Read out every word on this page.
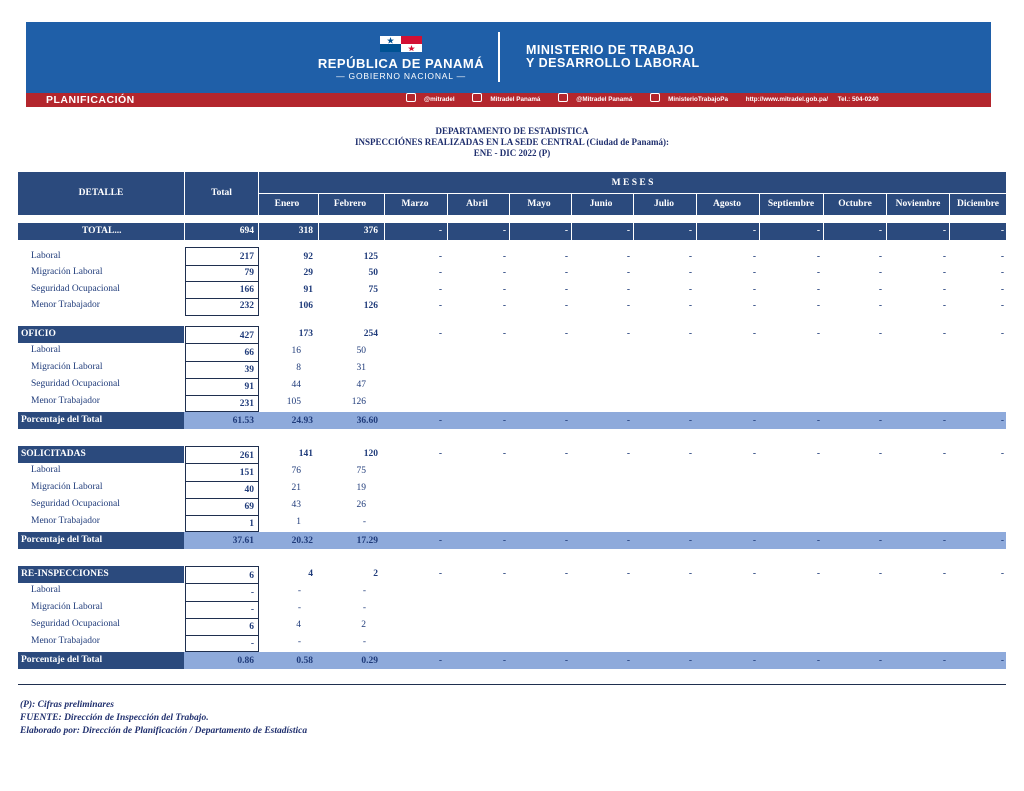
REPÚBLICA DE PANAMÁ
— GOBIERNO NACIONAL —
MINISTERIO DE TRABAJO
Y DESARROLLO LABORAL
PLANIFICACIÓN	@mitradel	Mitradel Panamá	@Mitradel Panamá	MinisterioTrabajoPa	http://www.mitradel.gob.pa/ Tel.: 504-0240
DEPARTAMENTO DE ESTADISTICA
INSPECCIÓNES REALIZADAS EN LA SEDE CENTRAL (Ciudad de Panamá):
ENE - DIC 2022 (P)
DETALLE	Total
M E S E S
Enero	Febrero	Marzo	Abril	Mayo	Junio	Julio	Agosto	Septiembre	Octubre	Noviembre	Diciembre
TOTAL...	694	318	376	-	-	-	-	-	-	-	-	-	-
Laboral	217	92	125	-	-	-	-	-	-	-	-	-	-
Migración Laboral	79	29	50	-	-	-	-	-	-	-	-	-	-
Seguridad Ocupacional	166	91	75	-	-	-	-	-	-	-	-	-	-
Menor Trabajador	232	106	126	-	-	-	-	-	-	-	-	-	-
OFICIO	427	173	254	-	-	-	-	-	-	-	-	-	-
Laboral	66	16	50
Migración Laboral	39	8	31
Seguridad Ocupacional	91	44	47
Menor Trabajador	231	105	126
Porcentaje del Total	61.53	24.93	36.60	-	-	-	-	-	-	-	-	-	-
SOLICITADAS	261	141	120	-	-	-	-	-	-	-	-	-	-
Laboral	151	76	75
Migración Laboral	40	21	19
Seguridad Ocupacional	69	43	26
Menor Trabajador	1	1	-
Porcentaje del Total	37.61	20.32	17.29	-	-	-	-	-	-	-	-	-	-
RE-INSPECCIONES	6	4	2	-	-	-	-	-	-	-	-	-	-
Laboral	-	-	-
Migración Laboral	-	-	-
Seguridad Ocupacional	6	4	2
Menor Trabajador	-	-	-
Porcentaje del Total	0.86	0.58	0.29	-	-	-	-	-	-	-	-	-	-
(P): Cifras preliminares
FUENTE: Dirección de Inspección del Trabajo.
Elaborado por: Dirección de Planificación / Departamento de Estadística
